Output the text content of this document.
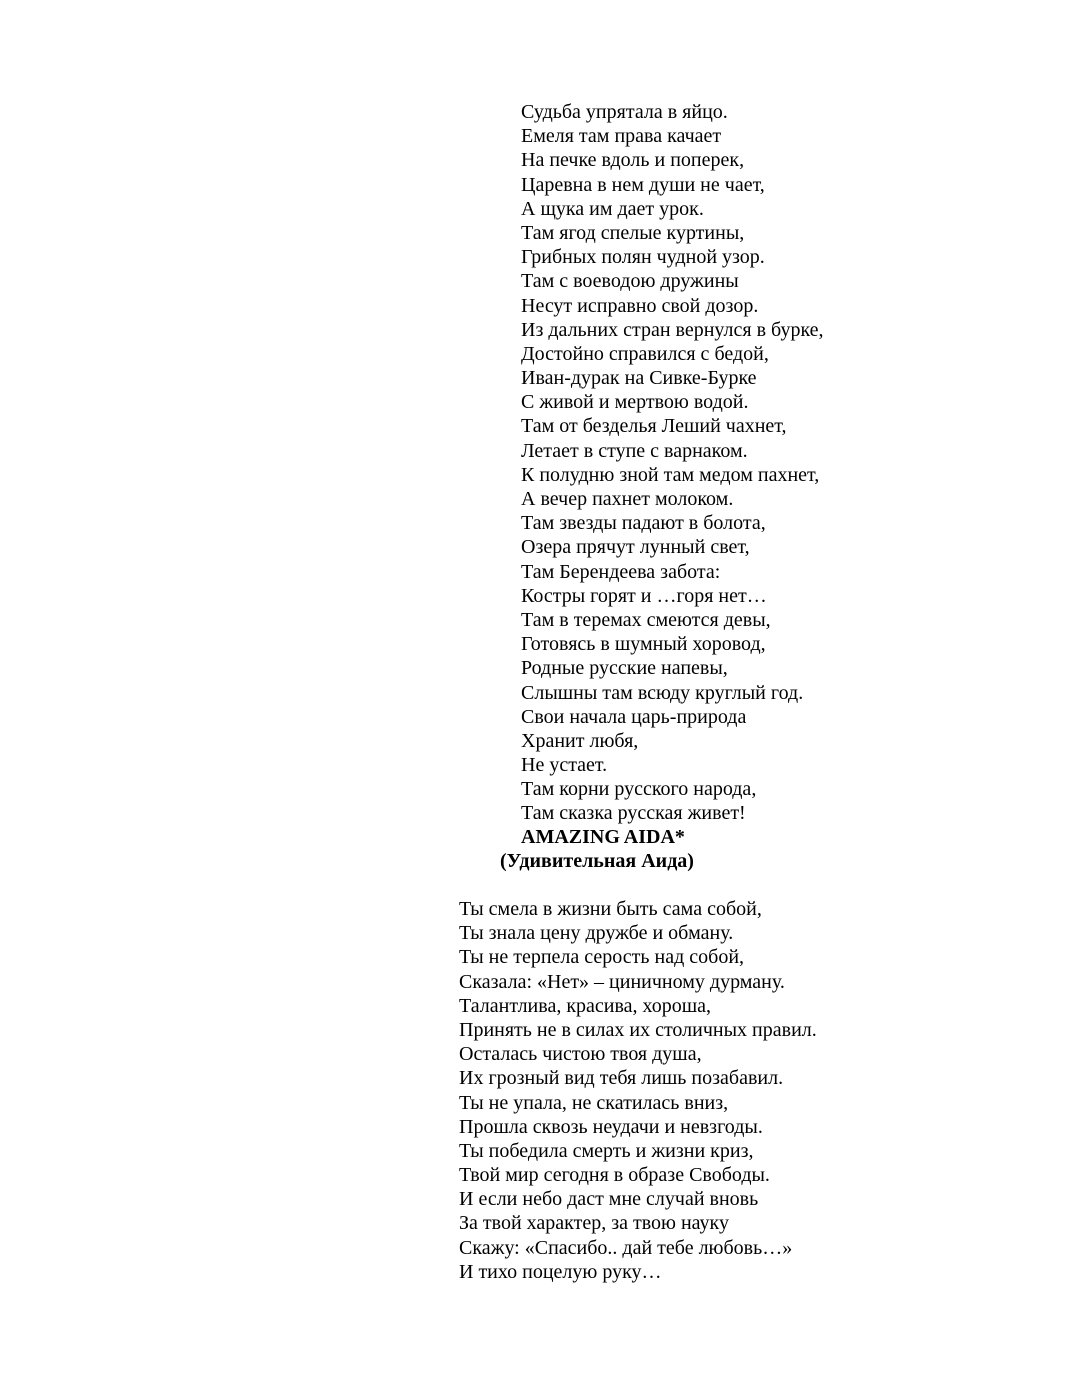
Судьба упрятала в яйцо.
Емеля там права качает
На печке вдоль и поперек,
Царевна в нем души не чает,
А щука им дает урок.
Там ягод спелые куртины,
Грибных полян чудной узор.
Там с воеводою дружины
Несут исправно свой дозор.
Из дальних стран вернулся в бурке,
Достойно справился с бедой,
Иван-дурак на Сивке-Бурке
С живой и мертвою водой.
Там от безделья Леший чахнет,
Летает в ступе с варнаком.
К полудню зной там медом пахнет,
А вечер пахнет молоком.
Там звезды падают в болота,
Озера прячут лунный свет,
Там Берендеева забота:
Костры горят и …горя нет…
Там в теремах смеются девы,
Готовясь в шумный хоровод,
Родные русские напевы,
Слышны там всюду круглый год.
Свои начала царь-природа
Хранит любя,
Не устает.
Там корни русского народа,
Там сказка русская живет!
AMAZING AIDA*
(Удивительная Аида)
Ты смела в жизни быть сама собой,
Ты знала цену дружбе и обману.
Ты не терпела серость над собой,
Сказала: «Нет» – циничному дурману.
Талантлива, красива, хороша,
Принять не в силах их столичных правил.
Осталась чистою твоя душа,
Их грозный вид тебя лишь позабавил.
Ты не упала, не скатилась вниз,
Прошла сквозь неудачи и невзгоды.
Ты победила смерть и жизни криз,
Твой мир сегодня в образе Свободы.
И если небо даст мне случай вновь
За твой характер, за твою науку
Скажу: «Спасибо.. дай тебе любовь…»
И тихо поцелую руку…
